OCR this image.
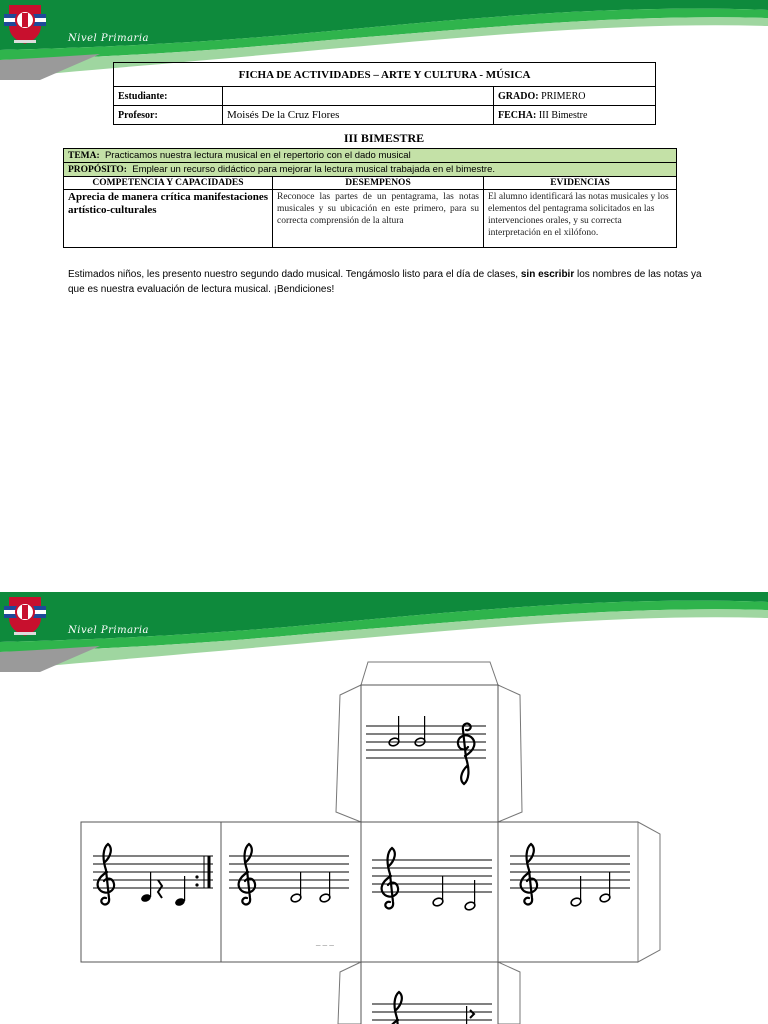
Nivel Primaria
FICHA DE ACTIVIDADES – ARTE Y CULTURA - MÚSICA		
Estudiante:		GRADO: PRIMERO
Profesor:	Moisés De la Cruz Flores	FECHA: III Bimestre
III BIMESTRE
TEMA: Practicamos nuestra lectura musical en el repertorio con el dado musical		
PROPÓSITO: Emplear un recurso didáctico para mejorar la lectura musical trabajada en el bimestre.		
COMPETENCIA Y CAPACIDADES	DESEMPENOS	EVIDENCIAS
Aprecia de manera crítica manifestaciones artístico-culturales	Reconoce las partes de un pentagrama, las notas musicales y su ubicación en este primero, para su correcta comprensión de la altura	El alumno identificará las notas musicales y los elementos del pentagrama solicitados en las intervenciones orales, y su correcta interpretación en el xilófono.
Estimados niños, les presento nuestro segundo dado musical. Tengámoslo listo para el día de clases, sin escribir los nombres de las notas ya que es nuestra evaluación de lectura musical. ¡Bendiciones!
Nivel Primaria
_ _ _
